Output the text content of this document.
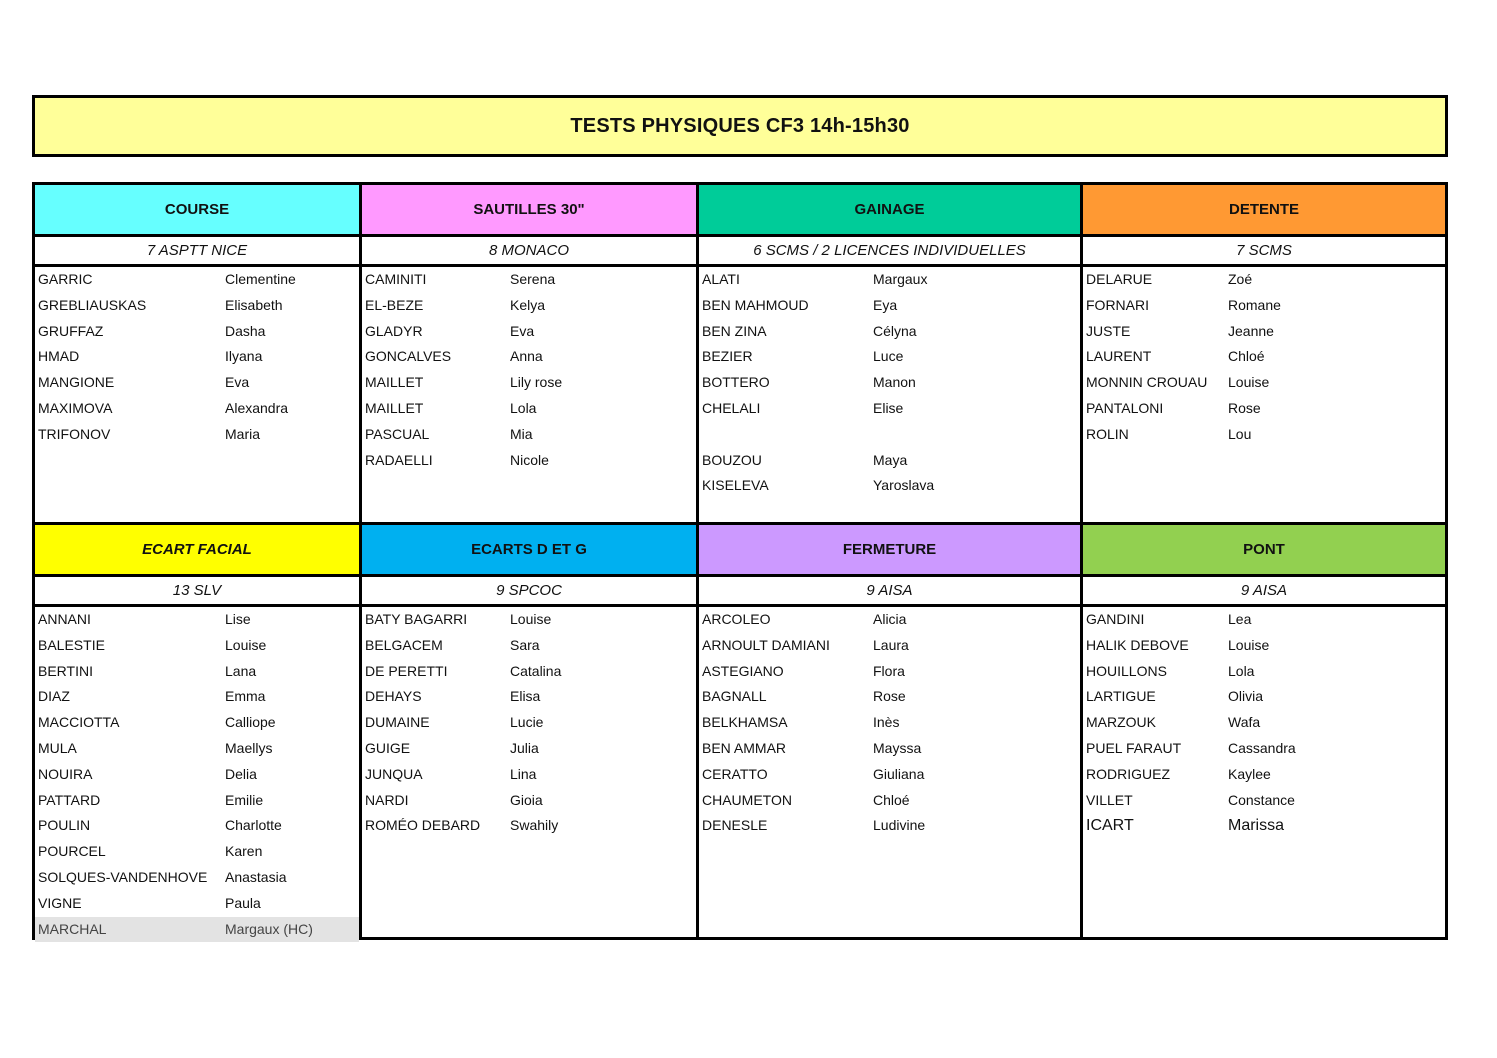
TESTS PHYSIQUES CF3 14h-15h30
COURSE
7 ASPTT NICE
GARRIC	Clementine
GREBLIAUSKAS	Elisabeth
GRUFFAZ	Dasha
HMAD	Ilyana
MANGIONE	Eva
MAXIMOVA	Alexandra
TRIFONOV	Maria
SAUTILLES 30"
8 MONACO
CAMINITI	Serena
EL-BEZE	Kelya
GLADYR	Eva
GONCALVES	Anna
MAILLET	Lily rose
MAILLET	Lola
PASCUAL	Mia
RADAELLI	Nicole
GAINAGE
6 SCMS / 2 LICENCES INDIVIDUELLES
ALATI	Margaux
BEN MAHMOUD	Eya
BEN ZINA	Célyna
BEZIER	Luce
BOTTERO	Manon
CHELALI	Elise
BOUZOU	Maya
KISELEVA	Yaroslava
DETENTE
7 SCMS
DELARUE	Zoé
FORNARI	Romane
JUSTE	Jeanne
LAURENT	Chloé
MONNIN CROUAU Louise
PANTALONI	Rose
ROLIN	Lou
ECART FACIAL
13 SLV
ANNANI	Lise
BALESTIE	Louise
BERTINI	Lana
DIAZ	Emma
MACCIOTTA	Calliope
MULA	Maellys
NOUIRA	Delia
PATTARD	Emilie
POULIN	Charlotte
POURCEL	Karen
SOLQUES-VANDENHOVE Anastasia
VIGNE	Paula
MARCHAL	Margaux (HC)
ECARTS D ET G
9 SPCOC
BATY BAGARRI	Louise
BELGACEM	Sara
DE PERETTI	Catalina
DEHAYS	Elisa
DUMAINE	Lucie
GUIGE	Julia
JUNQUA	Lina
NARDI	Gioia
ROMÉO DEBARD Swahily
FERMETURE
9 AISA
ARCOLEO	Alicia
ARNOULT DAMIANI	Laura
ASTEGIANO	Flora
BAGNALL	Rose
BELKHAMSA	Inès
BEN AMMAR	Mayssa
CERATTO	Giuliana
CHAUMETON	Chloé
DENESLE	Ludivine
PONT
9 AISA
GANDINI	Lea
HALIK DEBOVE	Louise
HOUILLONS	Lola
LARTIGUE	Olivia
MARZOUK	Wafa
PUEL FARAUT	Cassandra
RODRIGUEZ	Kaylee
VILLET	Constance
ICART	Marissa
